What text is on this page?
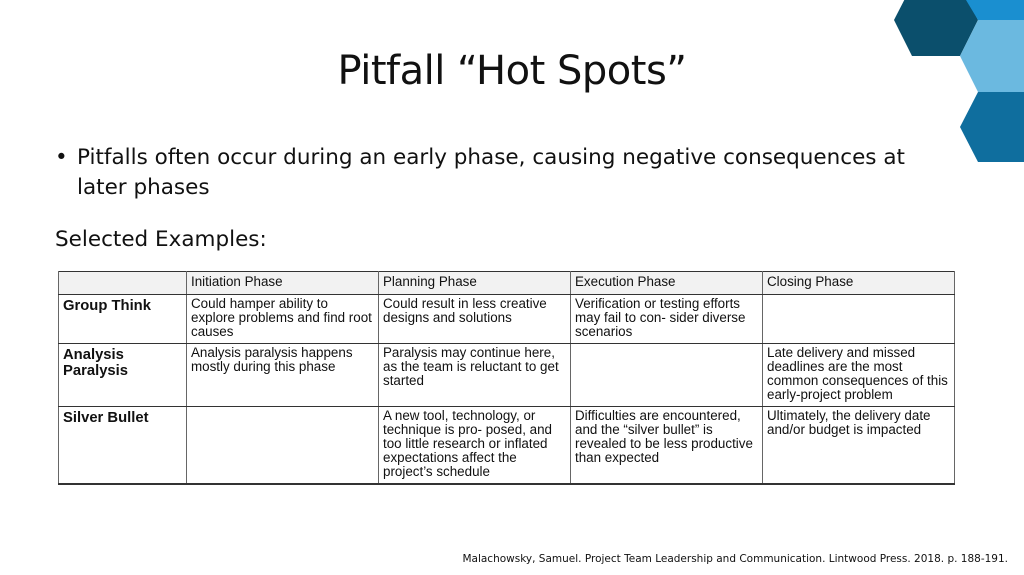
Pitfall “Hot Spots”
• Pitfalls often occur during an early phase, causing negative consequences at later phases
Selected Examples:
	Initiation Phase	Planning Phase	Execution Phase	Closing Phase
Group Think	Could hamper ability to explore problems and find root causes	Could result in less creative designs and solutions	Verification or testing efforts may fail to con- sider diverse scenarios	
Analysis Paralysis	Analysis paralysis happens mostly during this phase	Paralysis may continue here, as the team is reluctant to get started		Late delivery and missed deadlines are the most common consequences of this early-project problem
Silver Bullet		A new tool, technology, or technique is pro- posed, and too little research or inflated expectations affect the project’s schedule	Difficulties are encountered, and the “silver bullet” is revealed to be less productive than expected	Ultimately, the delivery date and/or budget is impacted
Malachowsky, Samuel. Project Team Leadership and Communication. Lintwood Press. 2018. p. 188-191.
